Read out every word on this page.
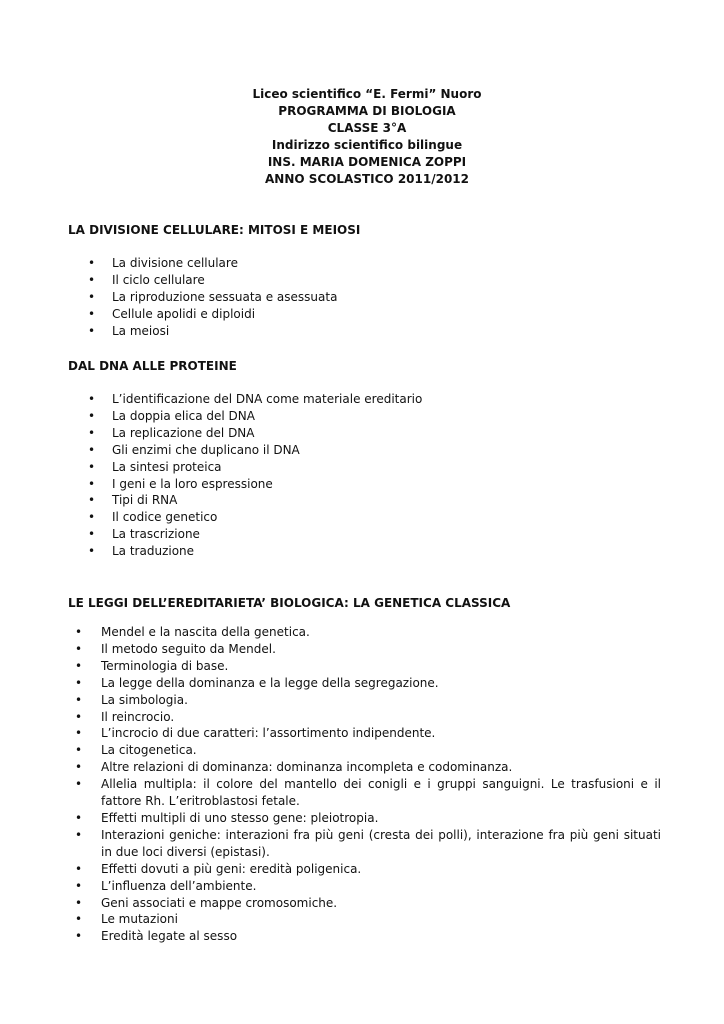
Liceo scientifico “E. Fermi” Nuoro
PROGRAMMA DI BIOLOGIA
CLASSE 3°A
Indirizzo scientifico bilingue
INS. MARIA DOMENICA ZOPPI
ANNO SCOLASTICO 2011/2012
LA DIVISIONE CELLULARE: MITOSI E MEIOSI
• La divisione cellulare
• Il ciclo cellulare
• La riproduzione sessuata e asessuata
• Cellule apolidi e diploidi
• La meiosi
DAL DNA ALLE PROTEINE
• L’identificazione del DNA come materiale ereditario
• La doppia elica del DNA
• La replicazione del DNA
• Gli enzimi che duplicano il DNA
• La sintesi proteica
• I geni e la loro espressione
• Tipi di RNA
• Il codice genetico
• La trascrizione
• La traduzione
LE LEGGI DELL’EREDITARIETA’ BIOLOGICA: LA GENETICA CLASSICA
• Mendel e la nascita della genetica.
• Il metodo seguito da Mendel.
• Terminologia di base.
• La legge della dominanza e la legge della segregazione.
• La simbologia.
• Il reincrocio.
• L’incrocio di due caratteri: l’assortimento indipendente.
• La citogenetica.
• Altre relazioni di dominanza: dominanza incompleta e codominanza.
• Allelia multipla: il colore del mantello dei conigli e i gruppi sanguigni. Le trasfusioni e il fattore Rh. L’eritroblastosi fetale.
• Effetti multipli di uno stesso gene: pleiotropia.
• Interazioni geniche: interazioni fra più geni (cresta dei polli), interazione fra più geni situati in due loci diversi (epistasi).
• Effetti dovuti a più geni: eredità poligenica.
• L’influenza dell’ambiente.
• Geni associati e mappe cromosomiche.
• Le mutazioni
• Eredità legate al sesso
